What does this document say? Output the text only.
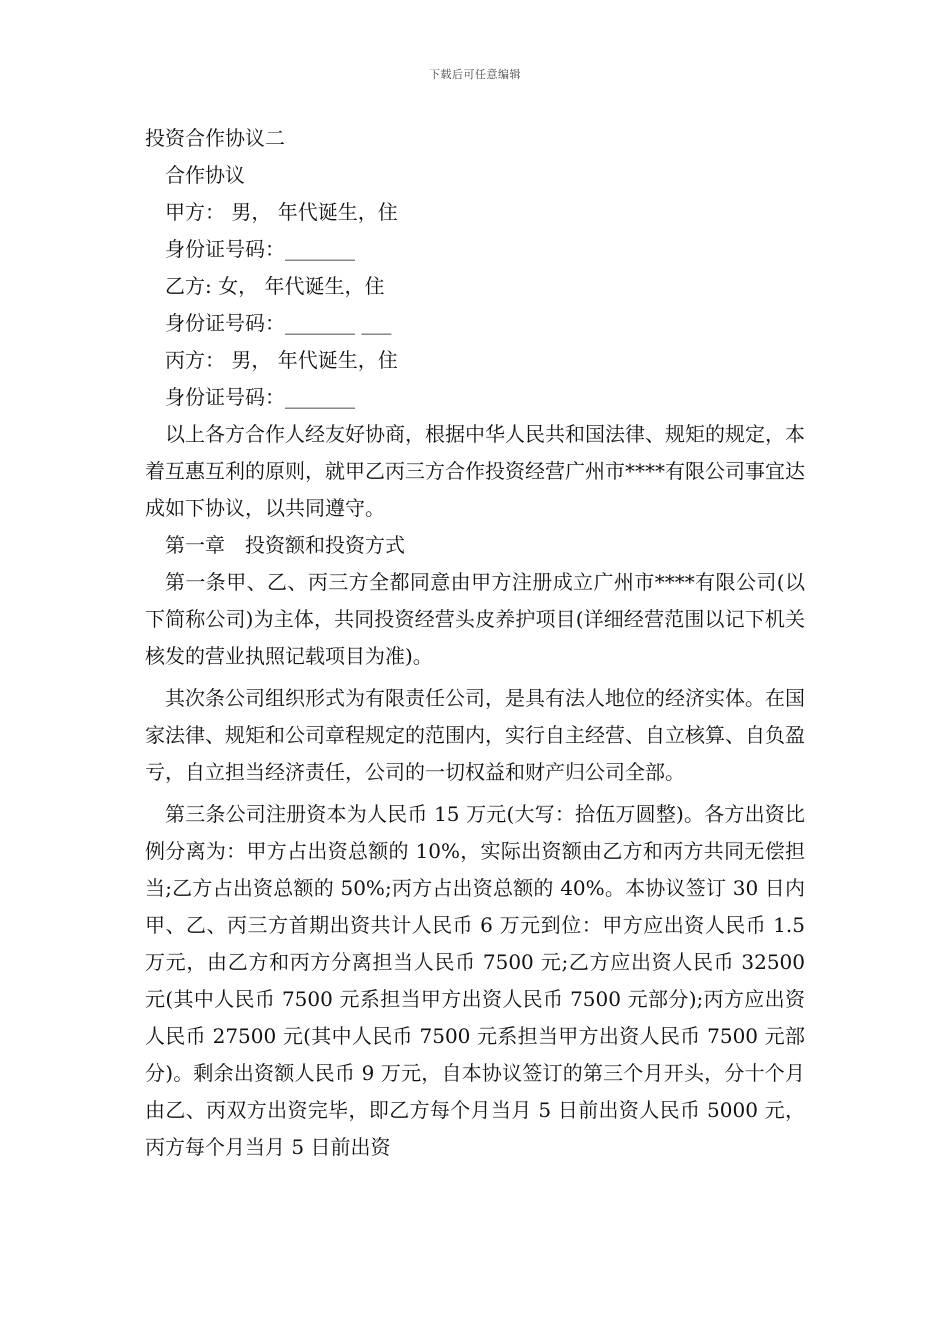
下载后可任意编辑
投资合作协议二
合作协议
甲方： 男， 年代诞生，住
身份证号码：_______
乙方: 女， 年代诞生，住
身份证号码：_______ ___
丙方： 男， 年代诞生，住
身份证号码：_______
以上各方合作人经友好协商，根据中华人民共和国法律、规矩的规定，本着互惠互利的原则，就甲乙丙三方合作投资经营广州市****有限公司事宜达成如下协议，以共同遵守。
第一章　投资额和投资方式
第一条甲、乙、丙三方全都同意由甲方注册成立广州市****有限公司(以下简称公司)为主体，共同投资经营头皮养护项目(详细经营范围以记下机关核发的营业执照记载项目为准)。
其次条公司组织形式为有限责任公司，是具有法人地位的经济实体。在国家法律、规矩和公司章程规定的范围内，实行自主经营、自立核算、自负盈亏，自立担当经济责任，公司的一切权益和财产归公司全部。
第三条公司注册资本为人民币 15 万元(大写：拾伍万圆整)。各方出资比例分离为：甲方占出资总额的 10%，实际出资额由乙方和丙方共同无偿担当;乙方占出资总额的 50%;丙方占出资总额的 40%。本协议签订 30 日内甲、乙、丙三方首期出资共计人民币 6 万元到位：甲方应出资人民币 1.5 万元，由乙方和丙方分离担当人民币 7500 元;乙方应出资人民币 32500 元(其中人民币 7500 元系担当甲方出资人民币 7500 元部分);丙方应出资人民币 27500 元(其中人民币 7500 元系担当甲方出资人民币 7500 元部分)。剩余出资额人民币 9 万元，自本协议签订的第三个月开头，分十个月由乙、丙双方出资完毕，即乙方每个月当月 5 日前出资人民币 5000 元，丙方每个月当月 5 日前出资
